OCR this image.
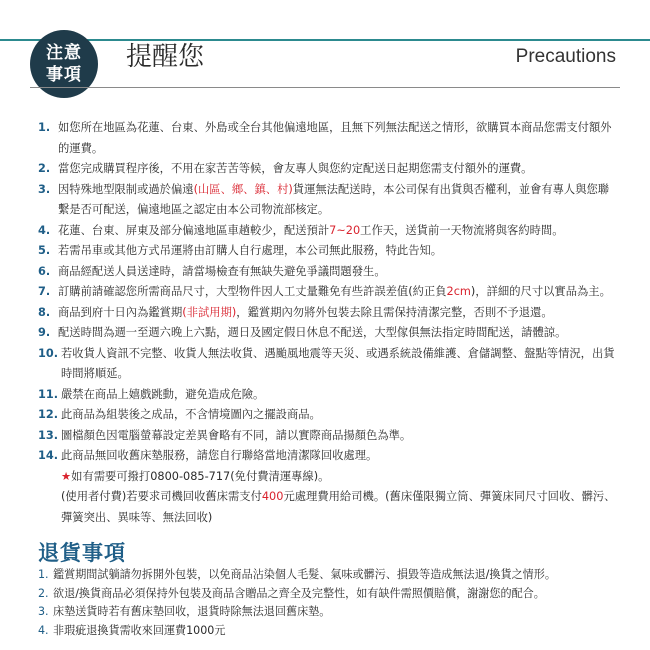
注意
事項
提醒您	Precautions
1. 如您所在地區為花蓮、台東、外島或全台其他偏遠地區，且無下列無法配送之情形，欲購買本商品您需支付額外的運費。
2. 當您完成購買程序後，不用在家苦苦等候，會友專人與您約定配送日起期您需支付額外的運費。
3. 因特殊地型限制或過於偏遠(山區、鄉、鎮、村)貨運無法配送時，本公司保有出貨與否權利，並會有專人與您聯繫是否可配送，偏遠地區之認定由本公司物流部核定。
4. 花蓮、台東、屏東及部分偏遠地區車趟較少，配送預計7~20工作天，送貨前一天物流將與客約時間。
5. 若需吊車或其他方式吊運將由訂購人自行處理，本公司無此服務，特此告知。
6. 商品經配送人員送達時，請當場檢查有無缺失避免爭議問題發生。
7. 訂購前請確認您所需商品尺寸，大型物件因人工丈量難免有些許誤差值(約正負2cm)，詳細的尺寸以實品為主。
8. 商品到府十日內為鑑賞期(非試用期)，鑑賞期內勿將外包裝去除且需保持清潔完整，否則不予退還。
9. 配送時間為週一至週六晚上六點，週日及國定假日休息不配送，大型傢俱無法指定時間配送，請體諒。
10. 若收貨人資訊不完整、收貨人無法收貨、遇颱風地震等天災、或遇系統設備維護、倉儲調整、盤點等情況，出貨時間將順延。
11. 嚴禁在商品上嬉戲跳動，避免造成危險。
12. 此商品為組裝後之成品，不含情境圖內之擺設商品。
13. 圖檔顏色因電腦螢幕設定差異會略有不同，請以實際商品揚顏色為準。
14. 此商品無回收舊床墊服務，請您自行聯絡當地清潔隊回收處理。
★如有需要可撥打0800-085-717(免付費清運專線)。
(使用者付費)若要求司機回收舊床需支付400元處理費用給司機。(舊床僅限獨立筒、彈簧床同尺寸回收、髒污、彈簧突出、異味等、無法回收)
退貨事項
1. 鑑賞期間試躺請勿拆開外包裝，以免商品沾染個人毛髮、氣味或髒污、損毀等造成無法退/換貨之情形。
2. 欲退/換貨商品必須保持外包裝及商品含贈品之齊全及完整性，如有缺件需照價賠償，謝謝您的配合。
3. 床墊送貨時若有舊床墊回收，退貨時除無法退回舊床墊。
4. 非瑕疵退換貨需收來回運費1000元
